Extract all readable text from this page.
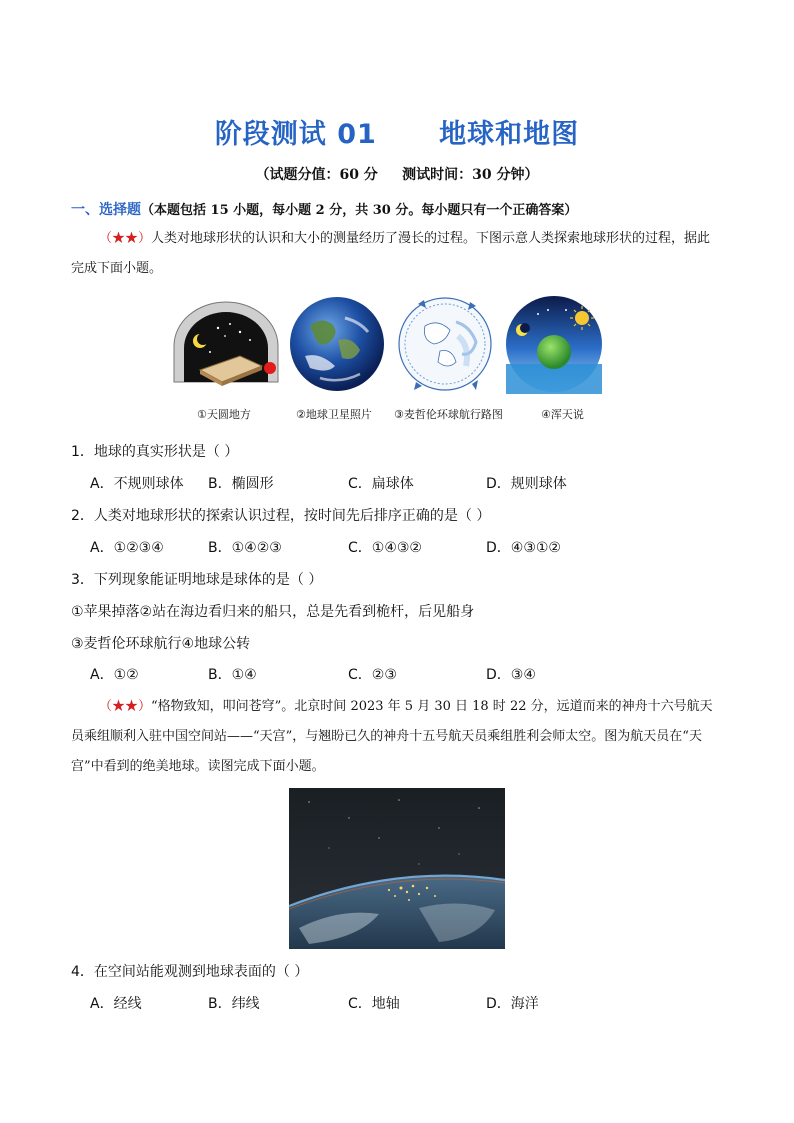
阶段测试 01      地球和地图
（试题分值：60 分     测试时间：30 分钟）
一、选择题（本题包括 15 小题，每小题 2 分，共 30 分。每小题只有一个正确答案）
（★★）人类对地球形状的认识和大小的测量经历了漫长的过程。下图示意人类探索地球形状的过程，据此完成下面小题。
①天圆地方	②地球卫星照片 ③麦哲伦环球航行路图	④浑天说
1．地球的真实形状是（ ）
A．不规则球体 B．椭圆形	C．扁球体	D．规则球体
2．人类对地球形状的探索认识过程，按时间先后排序正确的是（ ）
A．①②③④	B．①④②③	C．①④③②	D．④③①②
3．下列现象能证明地球是球体的是（ ）
①苹果掉落②站在海边看归来的船只，总是先看到桅杆，后见船身
③麦哲伦环球航行④地球公转
A．①②	B．①④	C．②③	D．③④
（★★）“格物致知，叩问苍穹”。北京时间 2023 年 5 月 30 日 18 时 22 分，远道而来的神舟十六号航天员乘组顺利入驻中国空间站——“天宫”，与翘盼已久的神舟十五号航天员乘组胜利会师太空。图为航天员在“天宫”中看到的绝美地球。读图完成下面小题。
4．在空间站能观测到地球表面的（ ）
A．经线	B．纬线	C．地轴	D．海洋
